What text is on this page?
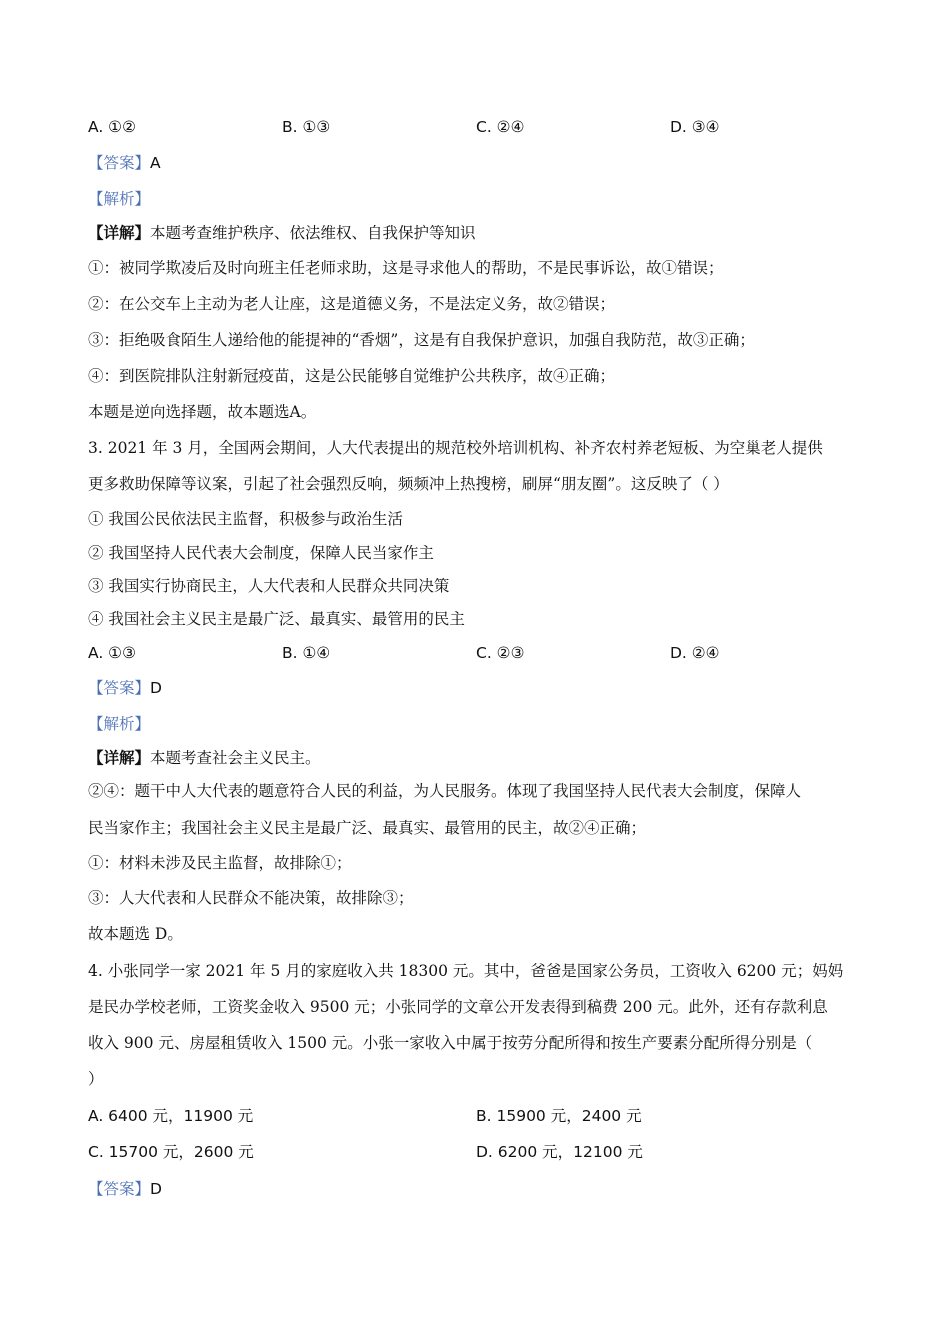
A. ①②	B. ①③	C. ②④	D. ③④
【答案】A
【解析】
【详解】本题考查维护秩序、依法维权、自我保护等知识
①：被同学欺凌后及时向班主任老师求助，这是寻求他人的帮助，不是民事诉讼，故①错误；
②：在公交车上主动为老人让座，这是道德义务，不是法定义务，故②错误；
③：拒绝吸食陌生人递给他的能提神的“香烟”，这是有自我保护意识，加强自我防范，故③正确；
④：到医院排队注射新冠疫苗，这是公民能够自觉维护公共秩序，故④正确；
本题是逆向选择题，故本题选A。
3. 2021 年 3 月，全国两会期间，人大代表提出的规范校外培训机构、补齐农村养老短板、为空巢老人提供
更多救助保障等议案，引起了社会强烈反响，频频冲上热搜榜，刷屏“朋友圈”。这反映了（ ）
① 我国公民依法民主监督，积极参与政治生活
② 我国坚持人民代表大会制度，保障人民当家作主
③ 我国实行协商民主，人大代表和人民群众共同决策
④ 我国社会主义民主是最广泛、最真实、最管用的民主
A. ①③	B. ①④	C. ②③	D. ②④
【答案】D
【解析】
【详解】本题考查社会主义民主。
②④：题干中人大代表的题意符合人民的利益，为人民服务。体现了我国坚持人民代表大会制度，保障人
民当家作主；我国社会主义民主是最广泛、最真实、最管用的民主，故②④正确；
①：材料未涉及民主监督，故排除①；
③：人大代表和人民群众不能决策，故排除③；
故本题选 D。
4. 小张同学一家 2021 年 5 月的家庭收入共 18300 元。其中，爸爸是国家公务员，工资收入 6200 元；妈妈
是民办学校老师，工资奖金收入 9500 元；小张同学的文章公开发表得到稿费 200 元。此外，还有存款利息
收入 900 元、房屋租赁收入 1500 元。小张一家收入中属于按劳分配所得和按生产要素分配所得分别是（
）
A. 6400 元，11900 元	B. 15900 元，2400 元
C. 15700 元，2600 元	D. 6200 元，12100 元
【答案】D
